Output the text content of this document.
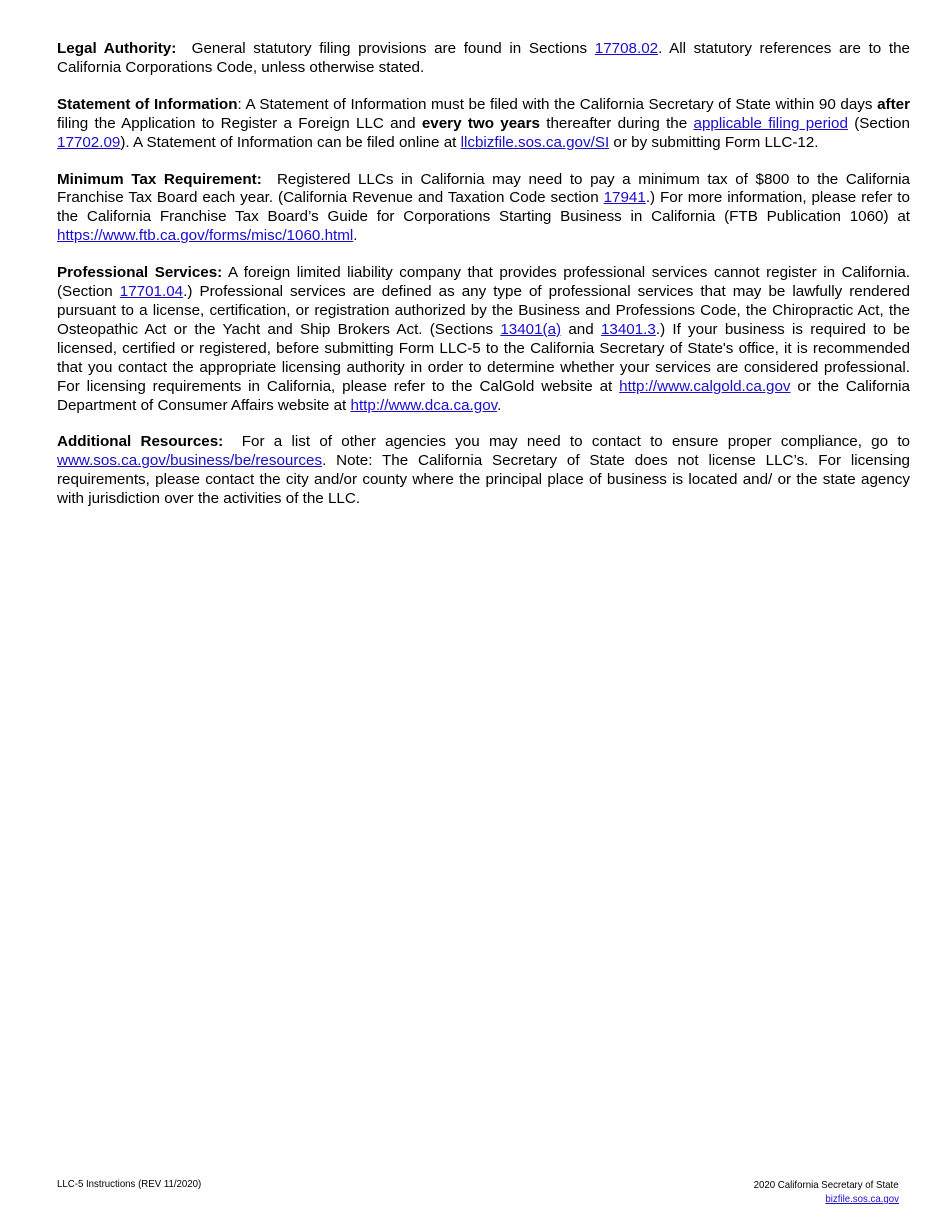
Legal Authority: General statutory filing provisions are found in Sections 17708.02. All statutory references are to the California Corporations Code, unless otherwise stated.

Statement of Information: A Statement of Information must be filed with the California Secretary of State within 90 days after filing the Application to Register a Foreign LLC and every two years thereafter during the applicable filing period (Section 17702.09). A Statement of Information can be filed online at llcbizfile.sos.ca.gov/SI or by submitting Form LLC-12.

Minimum Tax Requirement: Registered LLCs in California may need to pay a minimum tax of $800 to the California Franchise Tax Board each year. (California Revenue and Taxation Code section 17941.) For more information, please refer to the California Franchise Tax Board’s Guide for Corporations Starting Business in California (FTB Publication 1060) at https://www.ftb.ca.gov/forms/misc/1060.html.

Professional Services: A foreign limited liability company that provides professional services cannot register in California. (Section 17701.04.) Professional services are defined as any type of professional services that may be lawfully rendered pursuant to a license, certification, or registration authorized by the Business and Professions Code, the Chiropractic Act, the Osteopathic Act or the Yacht and Ship Brokers Act. (Sections 13401(a) and 13401.3.) If your business is required to be licensed, certified or registered, before submitting Form LLC-5 to the California Secretary of State's office, it is recommended that you contact the appropriate licensing authority in order to determine whether your services are considered professional. For licensing requirements in California, please refer to the CalGold website at http://www.calgold.ca.gov or the California Department of Consumer Affairs website at http://www.dca.ca.gov.

Additional Resources: For a list of other agencies you may need to contact to ensure proper compliance, go to www.sos.ca.gov/business/be/resources. Note: The California Secretary of State does not license LLC’s. For licensing requirements, please contact the city and/or county where the principal place of business is located and/ or the state agency with jurisdiction over the activities of the LLC.

LLC-5 Instructions (REV 11/2020)	2020 California Secretary of State
bizfile.sos.ca.gov
